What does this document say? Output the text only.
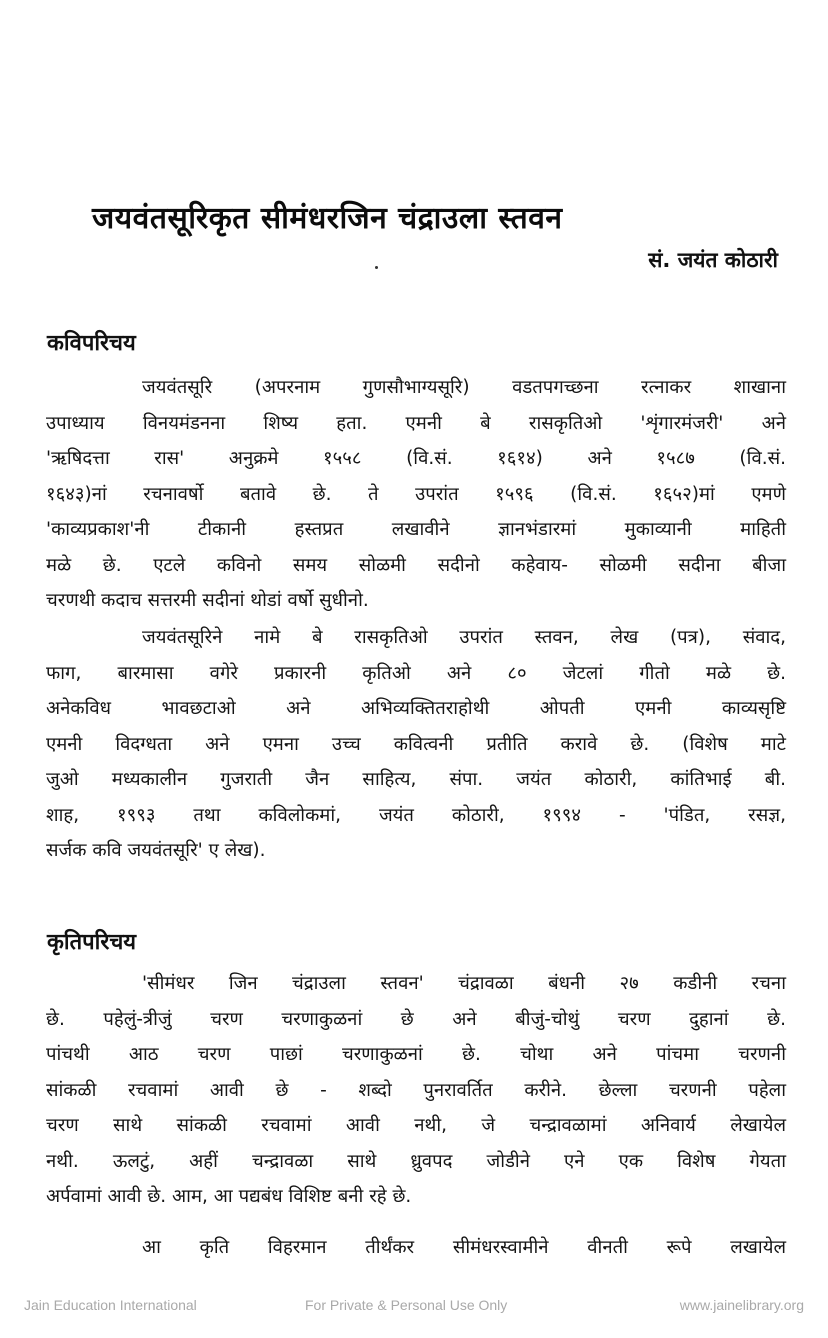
जयवंतसूरिकृत सीमंधरजिन चंद्राउला स्तवन
सं. जयंत कोठारी
कविपरिचय
जयवंतसूरि (अपरनाम गुणसौभाग्यसूरि) वडतपगच्छना रत्नाकर शाखाना
उपाध्याय विनयमंडनना शिष्य हता. एमनी बे रासकृतिओ 'शृंगारमंजरी' अने
'ऋषिदत्ता रास' अनुक्रमे १५५८ (वि.सं. १६१४) अने १५८७ (वि.सं.
१६४३)नां रचनावर्षो बतावे छे. ते उपरांत १५९६ (वि.सं. १६५२)मां एमणे
'काव्यप्रकाश'नी टीकानी हस्तप्रत लखावीने ज्ञानभंडारमां मुकाव्यानी माहिती
मळे छे. एटले कविनो समय सोळमी सदीनो कहेवाय- सोळमी सदीना बीजा
चरणथी कदाच सत्तरमी सदीनां थोडां वर्षो सुधीनो.
जयवंतसूरिने नामे बे रासकृतिओ उपरांत स्तवन, लेख (पत्र), संवाद,
फाग, बारमासा वगेरे प्रकारनी कृतिओ अने ८० जेटलां गीतो मळे छे.
अनेकविध भावछटाओ अने अभिव्यक्तितराहोथी ओपती एमनी काव्यसृष्टि
एमनी विदग्धता अने एमना उच्च कवित्वनी प्रतीति करावे छे. (विशेष माटे
जुओ मध्यकालीन गुजराती जैन साहित्य, संपा. जयंत कोठारी, कांतिभाई बी.
शाह, १९९३ तथा कविलोकमां, जयंत कोठारी, १९९४ - 'पंडित, रसज्ञ,
सर्जक कवि जयवंतसूरि' ए लेख).
कृतिपरिचय
'सीमंधर जिन चंद्राउला स्तवन' चंद्रावळा बंधनी २७ कडीनी रचना
छे. पहेलुं-त्रीजुं चरण चरणाकुळनां छे अने बीजुं-चोथुं चरण दुहानां छे.
पांचथी आठ चरण पाछां चरणाकुळनां छे. चोथा अने पांचमा चरणनी
सांकळी रचवामां आवी छे - शब्दो पुनरावर्तित करीने. छेल्ला चरणनी पहेला
चरण साथे सांकळी रचवामां आवी नथी, जे चन्द्रावळामां अनिवार्य लेखायेल
नथी. ऊलटुं, अहीं चन्द्रावळा साथे ध्रुवपद जोडीने एने एक विशेष गेयता
अर्पवामां आवी छे. आम, आ पद्यबंध विशिष्ट बनी रहे छे.
आ कृति विहरमान तीर्थंकर सीमंधरस्वामीने वीनती रूपे लखायेल
Jain Education International	For Private & Personal Use Only	www.jainelibrary.org
